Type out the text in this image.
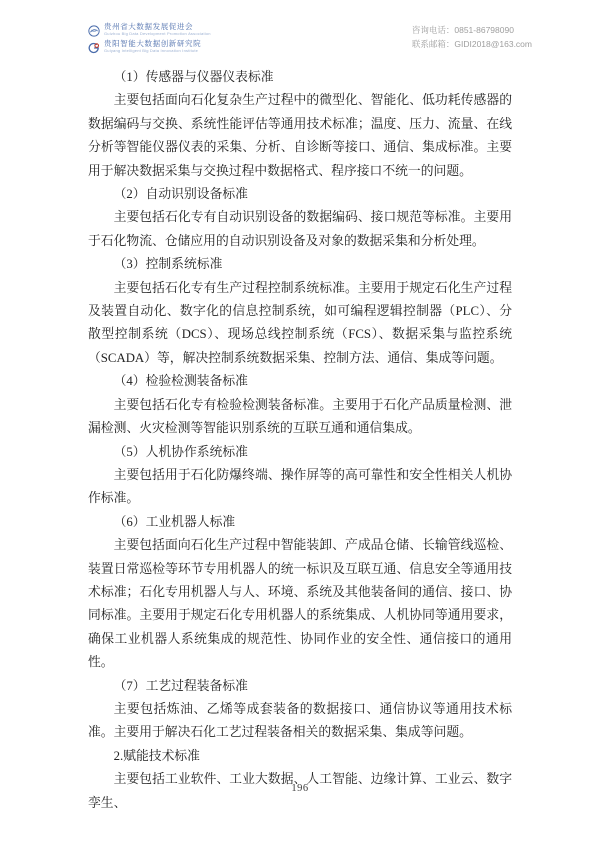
贵州省大数据发展促进会
Guizhou Big Data Development Promotion Association
贵阳智能大数据创新研究院
Guiyang Intelligent Big Data Innovation Institute
咨询电话：0851-86798090
联系邮箱：GIDI2018@163.com

（1）传感器与仪器仪表标准

主要包括面向石化复杂生产过程中的微型化、智能化、低功耗传感器的数据编码与交换、系统性能评估等通用技术标准；温度、压力、流量、在线分析等智能仪器仪表的采集、分析、自诊断等接口、通信、集成标准。主要用于解决数据采集与交换过程中数据格式、程序接口不统一的问题。

（2）自动识别设备标准

主要包括石化专有自动识别设备的数据编码、接口规范等标准。主要用于石化物流、仓储应用的自动识别设备及对象的数据采集和分析处理。

（3）控制系统标准

主要包括石化专有生产过程控制系统标准。主要用于规定石化生产过程及装置自动化、数字化的信息控制系统，如可编程逻辑控制器（PLC）、分散型控制系统（DCS）、现场总线控制系统（FCS）、数据采集与监控系统（SCADA）等，解决控制系统数据采集、控制方法、通信、集成等问题。

（4）检验检测装备标准

主要包括石化专有检验检测装备标准。主要用于石化产品质量检测、泄漏检测、火灾检测等智能识别系统的互联互通和通信集成。

（5）人机协作系统标准

主要包括用于石化防爆终端、操作屏等的高可靠性和安全性相关人机协作标准。

（6）工业机器人标准

主要包括面向石化生产过程中智能装卸、产成品仓储、长输管线巡检、装置日常巡检等环节专用机器人的统一标识及互联互通、信息安全等通用技术标准；石化专用机器人与人、环境、系统及其他装备间的通信、接口、协同标准。主要用于规定石化专用机器人的系统集成、人机协同等通用要求，确保工业机器人系统集成的规范性、协同作业的安全性、通信接口的通用性。

（7）工艺过程装备标准

主要包括炼油、乙烯等成套装备的数据接口、通信协议等通用技术标准。主要用于解决石化工艺过程装备相关的数据采集、集成等问题。

2.赋能技术标准

主要包括工业软件、工业大数据、人工智能、边缘计算、工业云、数字孪生、

196
